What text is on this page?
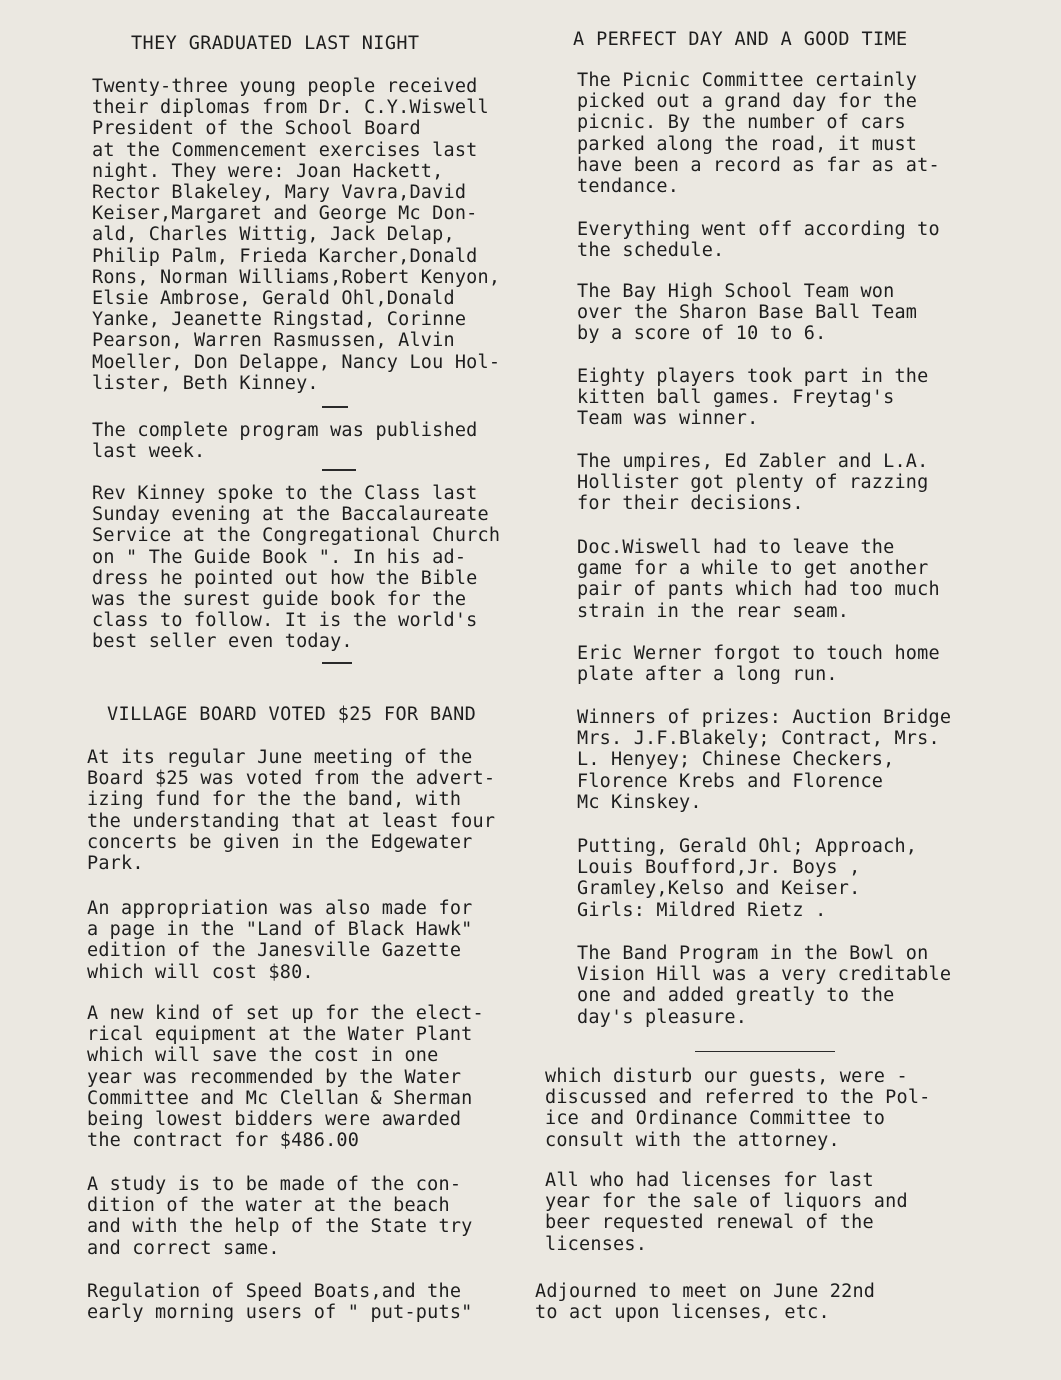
THEY GRADUATED LAST NIGHT
Twenty-three young people received
their diplomas from Dr. C.Y.Wiswell
President of the School Board
at the Commencement exercises last
night. They were: Joan Hackett,
Rector Blakeley, Mary Vavra,David
Keiser,Margaret and George Mc Don-
ald, Charles Wittig, Jack Delap,
Philip Palm, Frieda Karcher,Donald
Rons, Norman Williams,Robert Kenyon,
Elsie Ambrose, Gerald Ohl,Donald
Yanke, Jeanette Ringstad, Corinne
Pearson, Warren Rasmussen, Alvin
Moeller, Don Delappe, Nancy Lou Hol-
lister, Beth Kinney.
The complete program was published
last week.
Rev Kinney spoke to the Class last
Sunday evening at the Baccalaureate
Service at the Congregational Church
on " The Guide Book ". In his ad-
dress he pointed out how the Bible
was the surest guide book for the
class to follow. It is the world's
best seller even today.
VILLAGE BOARD VOTED $25 FOR BAND
At its regular June meeting of the
Board $25 was voted from the advert-
izing fund for the the band, with
the understanding that at least four
concerts be given in the Edgewater
Park.
An appropriation was also made for
a page in the "Land of Black Hawk"
edition of the Janesville Gazette
which will cost $80.
A new kind of set up for the elect-
rical equipment at the Water Plant
which will save the cost in one
year was recommended by the Water
Committee and Mc Clellan & Sherman
being lowest bidders were awarded
the contract for $486.00
A study is to be made of the con-
dition of the water at the beach
and with the help of the State try
and correct same.
Regulation of Speed Boats,and the
early morning users of " put-puts"
A PERFECT DAY AND A GOOD TIME
The Picnic Committee certainly
picked out a grand day for the
picnic. By the number of cars
parked along the road, it must
have been a record as far as at-
tendance.
Everything went off according to
the schedule.
The Bay High School Team won
over the Sharon Base Ball Team
by a score of 10 to 6.
Eighty players took part in the
kitten ball games. Freytag's
Team was winner.
The umpires, Ed Zabler and L.A.
Hollister got plenty of razzing
for their decisions.
Doc.Wiswell had to leave the
game for a while to get another
pair of pants which had too much
strain in the rear seam.
Eric Werner forgot to touch home
plate after a long run.
Winners of prizes: Auction Bridge
Mrs. J.F.Blakely; Contract, Mrs.
L. Henyey; Chinese Checkers,
Florence Krebs and Florence
Mc Kinskey.
Putting, Gerald Ohl; Approach,
Louis Boufford,Jr. Boys ,
Gramley,Kelso and Keiser.
Girls: Mildred Rietz .
The Band Program in the Bowl on
Vision Hill was a very creditable
one and added greatly to the
day's pleasure.
which disturb our guests, were -
discussed and referred to the Pol-
ice and Ordinance Committee to
consult with the attorney.
All who had licenses for last
year for the sale of liquors and
beer requested renewal of the
licenses.
Adjourned to meet on June 22nd
to act upon licenses, etc.
